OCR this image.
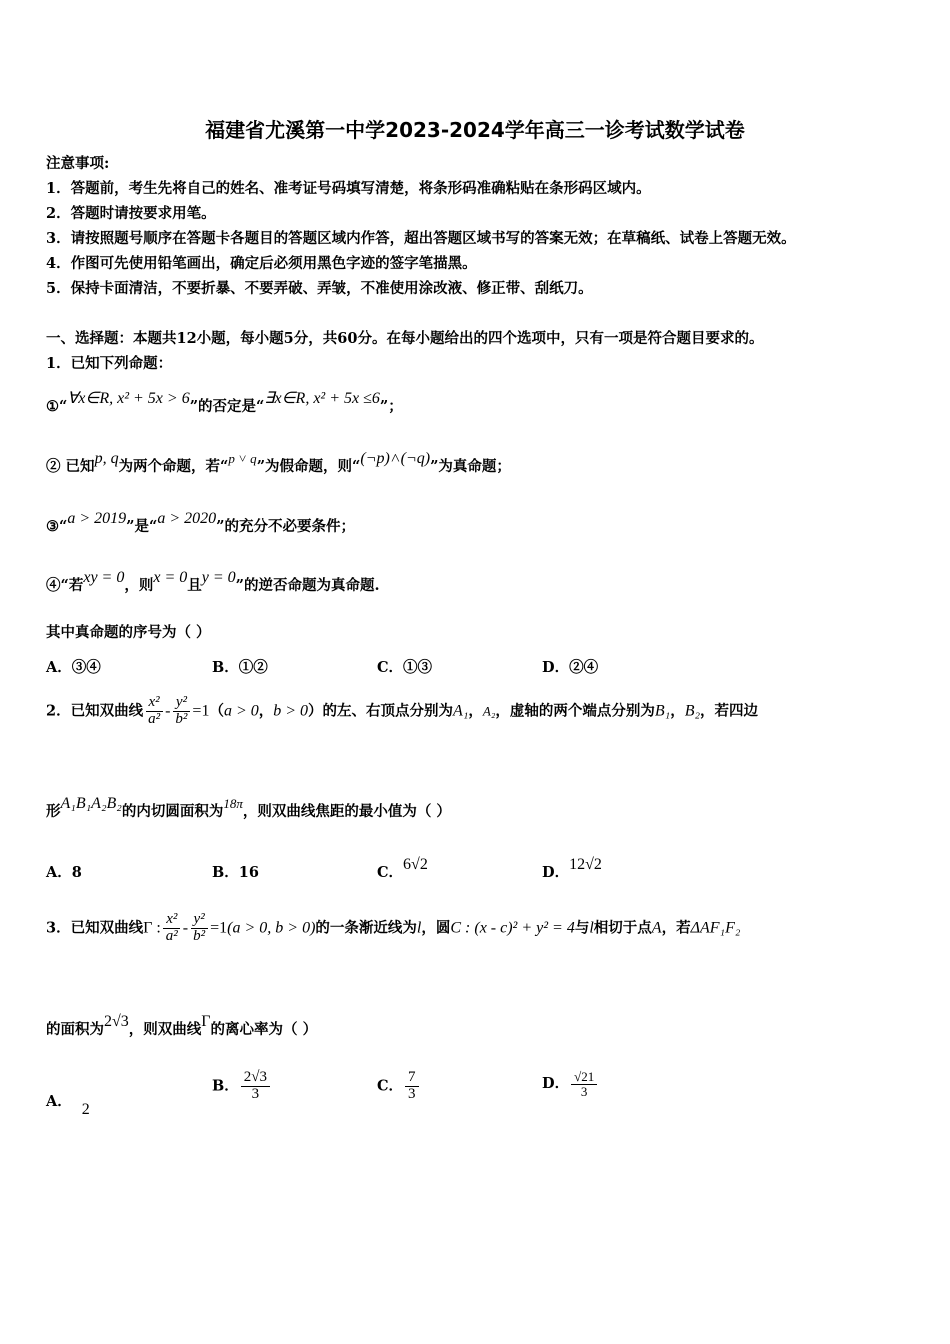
福建省尤溪第一中学2023-2024学年高三一诊考试数学试卷
注意事项:
1．答题前，考生先将自己的姓名、准考证号码填写清楚，将条形码准确粘贴在条形码区域内。
2．答题时请按要求用笔。
3．请按照题号顺序在答题卡各题目的答题区域内作答，超出答题区域书写的答案无效；在草稿纸、试卷上答题无效。
4．作图可先使用铅笔画出，确定后必须用黑色字迹的签字笔描黑。
5．保持卡面清洁，不要折暴、不要弄破、弄皱，不准使用涂改液、修正带、刮纸刀。
一、选择题：本题共12小题，每小题5分，共60分。在每小题给出的四个选项中，只有一项是符合题目要求的。
1．已知下列命题：
①“∀x∈R, x² + 5x > 6”的否定是“∃x∈R, x² + 5x ≤6”；
② 已知p, q为两个命题，若“p ˅ q”为假命题，则“(¬p)˄(¬q)”为真命题；
③“a > 2019”是“a > 2020”的充分不必要条件；
④“若xy = 0，则x = 0且y = 0”的逆否命题为真命题.
其中真命题的序号为（ ）
A．③④	B．①②	C．①③	D．②④
2．已知双曲线 $\frac{\text{x²}}{\text{a²}} - \frac{\text{y²}}{\text{b²}} =1(a > 0$，b > 0）的左、右顶点分别为A₁，A₂，虚轴的两个端点分别为B₁，B₂，若四边
形A₁B₁A₂B₂的内切圆面积为18π，则双曲线焦距的最小值为（ ）
A．8	B．16	C．6√2	D．12√2
3．已知双曲线Γ : $\frac{\text{x²}}{\text{a²}} - \frac{\text{y²}}{\text{b²}} =1(a > 0$, b > 0)的一条渐近线为l，圆C : (x - c)² + y² = 4与l相切于点A，若ΔAF₁F₂
的面积为2√3，则双曲线Γ的离心率为（ ）
A． 2
B． $\frac{2√3}{3}$	C． $\frac{7}{3}$	D． $\frac{√21}{3}$
